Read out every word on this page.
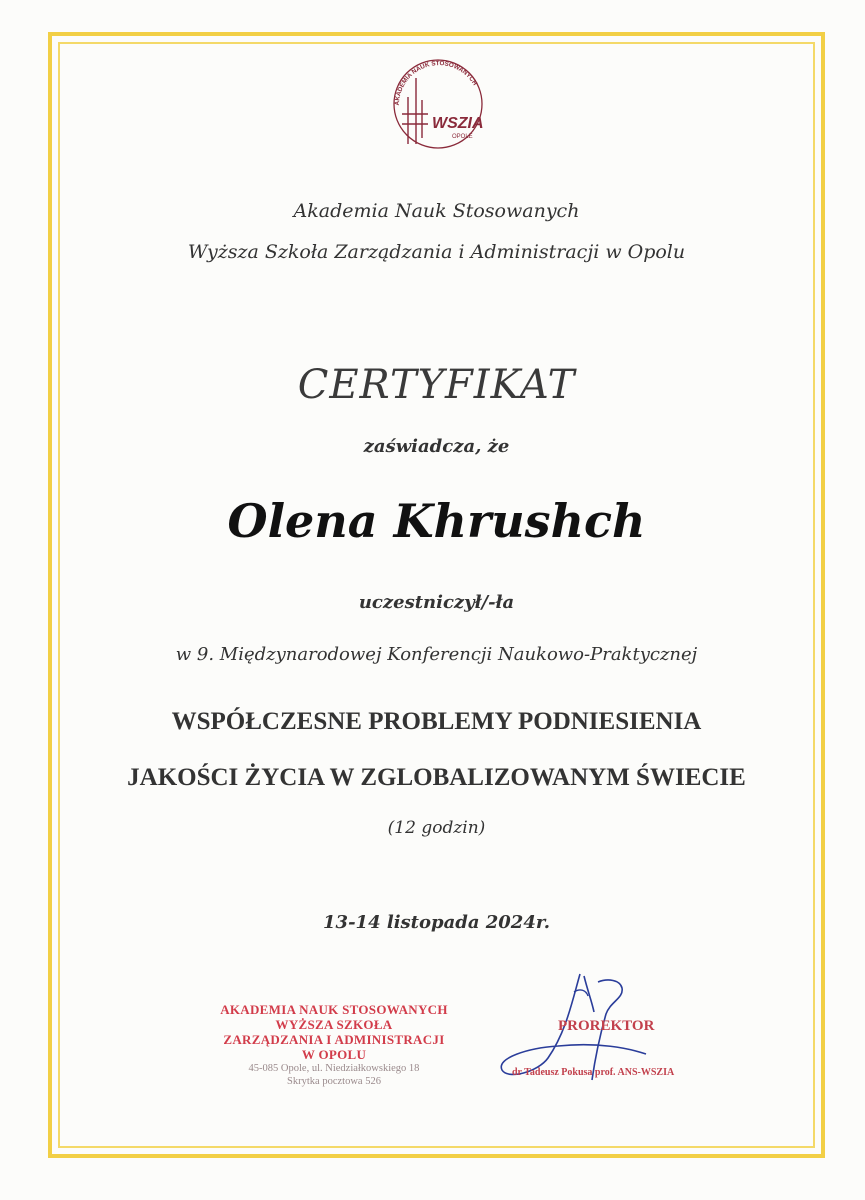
AKADEMIA NAUK STOSOWANYCH
WSZIA
OPOLE
Akademia Nauk Stosowanych
Wyższa Szkoła Zarządzania i Administracji w Opolu
CERTYFIKAT
zaświadcza, że
Olena Khrushch
uczestniczył/-ła
w 9. Międzynarodowej Konferencji Naukowo-Praktycznej
WSPÓŁCZESNE PROBLEMY PODNIESIENIA
JAKOŚCI ŻYCIA W ZGLOBALIZOWANYM ŚWIECIE
(12 godzin)
13-14 listopada 2024r.
AKADEMIA NAUK STOSOWANYCH
WYŻSZA SZKOŁA
ZARZĄDZANIA I ADMINISTRACJI
W OPOLU
45-085 Opole, ul. Niedziałkowskiego 18
Skrytka pocztowa 526
PROREKTOR
dr Tadeusz Pokusa prof. ANS-WSZIA
